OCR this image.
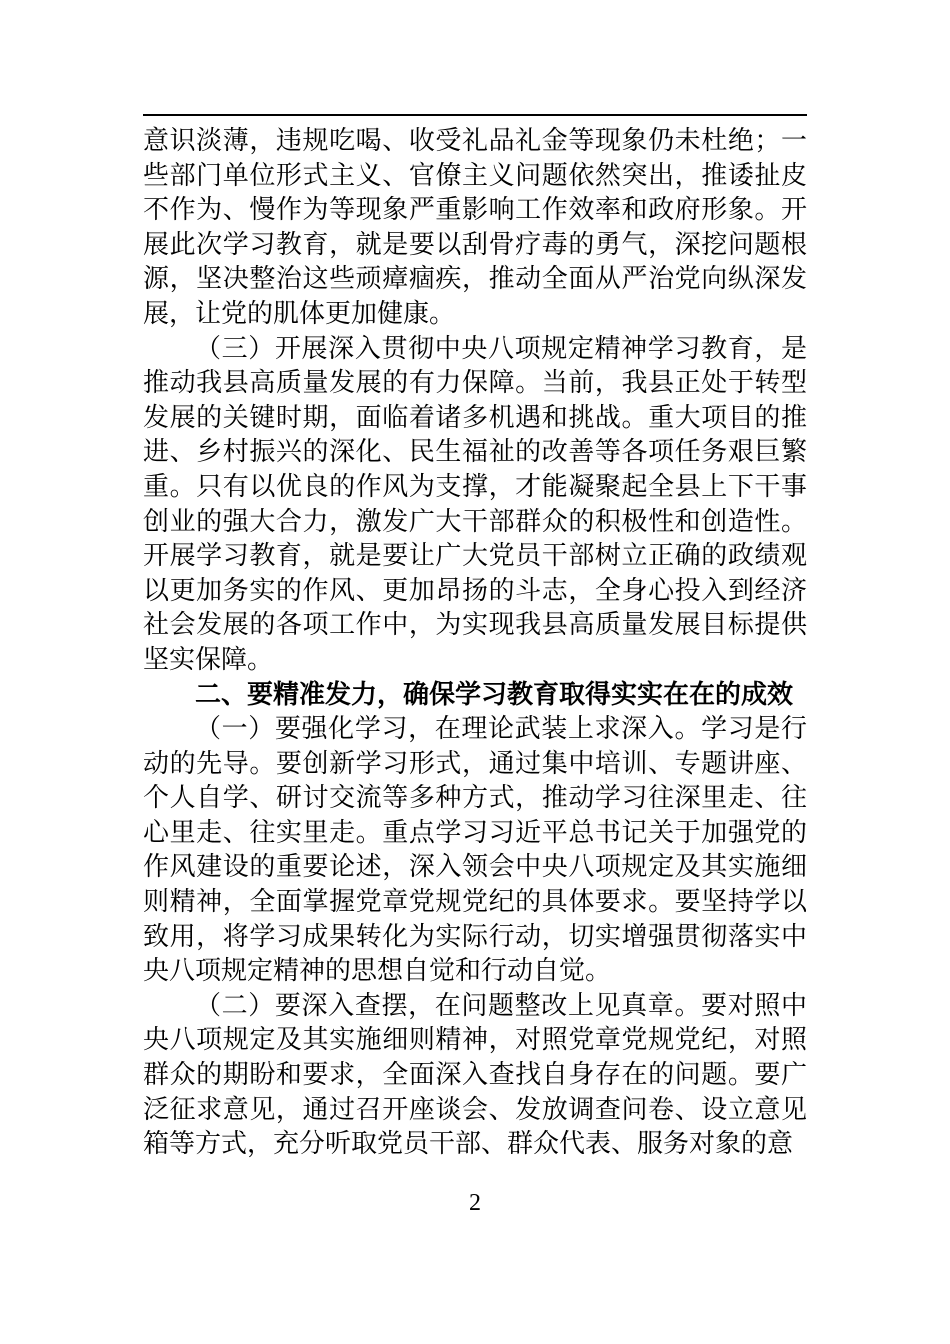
意识淡薄，违规吃喝、收受礼品礼金等现象仍未杜绝；一些部门单位形式主义、官僚主义问题依然突出，推诿扯皮不作为、慢作为等现象严重影响工作效率和政府形象。开展此次学习教育，就是要以刮骨疗毒的勇气，深挖问题根源，坚决整治这些顽瘴痼疾，推动全面从严治党向纵深发展，让党的肌体更加健康。

（三）开展深入贯彻中央八项规定精神学习教育，是推动我县高质量发展的有力保障。当前，我县正处于转型发展的关键时期，面临着诸多机遇和挑战。重大项目的推进、乡村振兴的深化、民生福祉的改善等各项任务艰巨繁重。只有以优良的作风为支撑，才能凝聚起全县上下干事创业的强大合力，激发广大干部群众的积极性和创造性。开展学习教育，就是要让广大党员干部树立正确的政绩观以更加务实的作风、更加昂扬的斗志，全身心投入到经济社会发展的各项工作中，为实现我县高质量发展目标提供坚实保障。

二、要精准发力，确保学习教育取得实实在在的成效

（一）要强化学习，在理论武装上求深入。学习是行动的先导。要创新学习形式，通过集中培训、专题讲座、个人自学、研讨交流等多种方式，推动学习往深里走、往心里走、往实里走。重点学习习近平总书记关于加强党的作风建设的重要论述，深入领会中央八项规定及其实施细则精神，全面掌握党章党规党纪的具体要求。要坚持学以致用，将学习成果转化为实际行动，切实增强贯彻落实中央八项规定精神的思想自觉和行动自觉。

（二）要深入查摆，在问题整改上见真章。要对照中央八项规定及其实施细则精神，对照党章党规党纪，对照群众的期盼和要求，全面深入查找自身存在的问题。要广泛征求意见，通过召开座谈会、发放调查问卷、设立意见箱等方式，充分听取党员干部、群众代表、服务对象的意

2
